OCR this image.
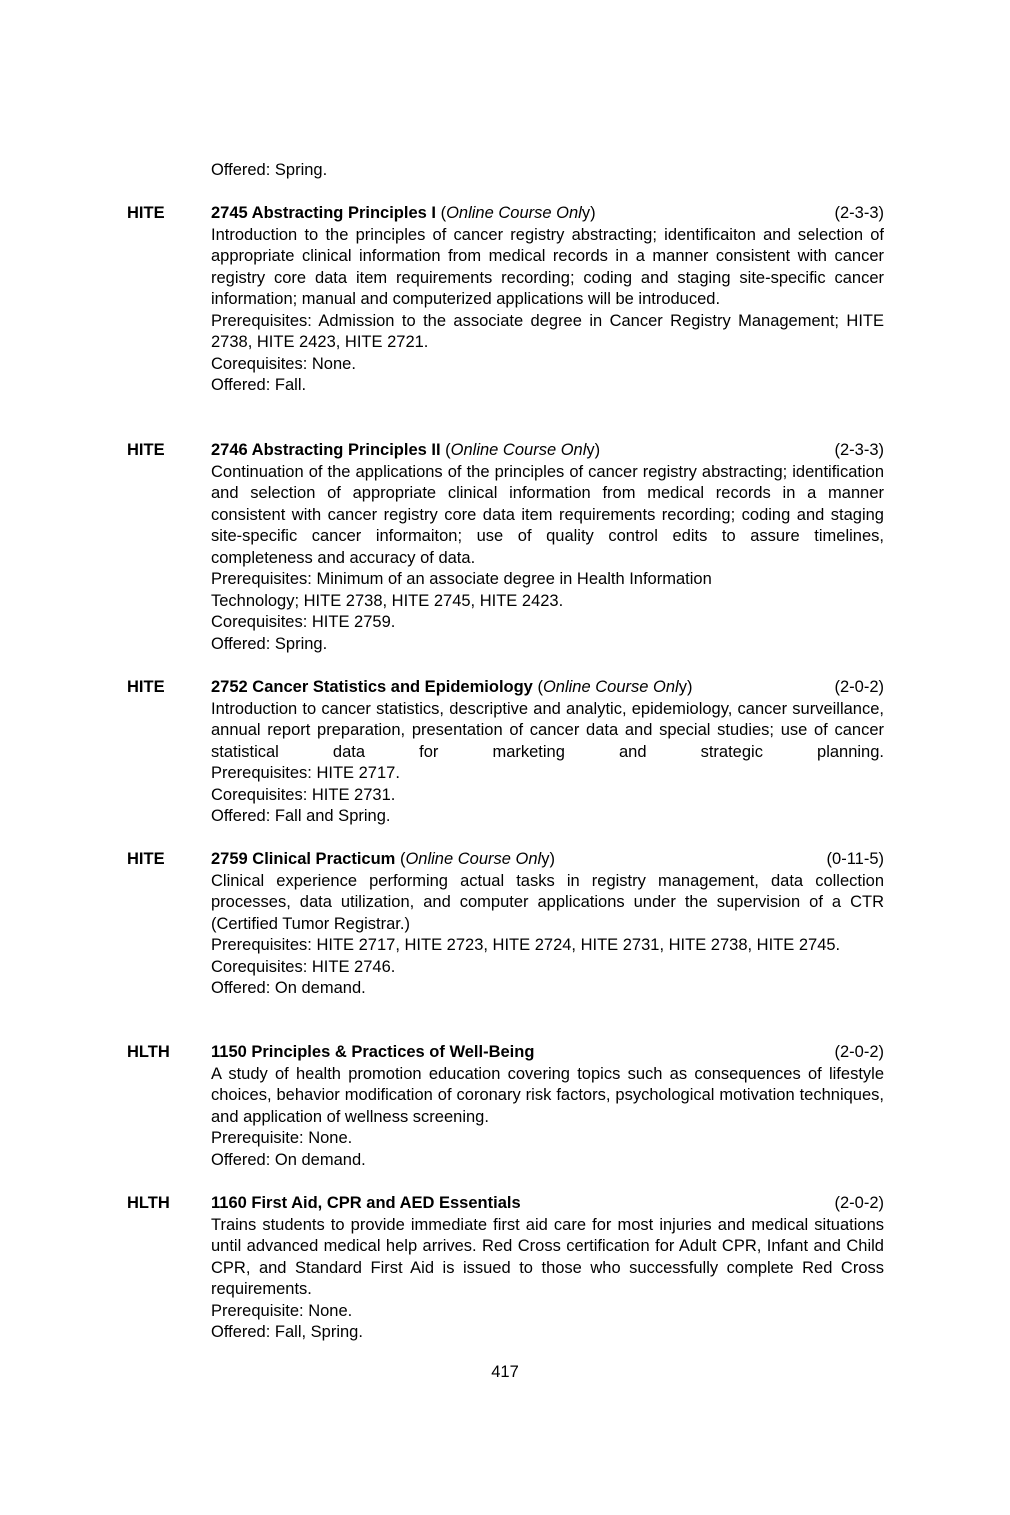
Offered: Spring.
HITE	2745 Abstracting Principles I (Online Course Only)	(2-3-3)
Introduction to the principles of cancer registry abstracting; identificaiton and selection of appropriate clinical information from medical records in a manner consistent with cancer registry core data item requirements recording; coding and staging site-specific cancer information; manual and computerized applications will be introduced.
Prerequisites: Admission to the associate degree in Cancer Registry Management; HITE 2738, HITE 2423, HITE 2721.
Corequisites: None.
Offered: Fall.
HITE	2746 Abstracting Principles II (Online Course Only)	(2-3-3)
Continuation of the applications of the principles of cancer registry abstracting; identification and selection of appropriate clinical information from medical records in a manner consistent with cancer registry core data item requirements recording; coding and staging site-specific cancer informaiton; use of quality control edits to assure timelines, completeness and accuracy of data.
Prerequisites: Minimum of an associate degree in Health Information
Technology; HITE 2738, HITE 2745, HITE 2423.
Corequisites: HITE 2759.
Offered: Spring.
HITE	2752 Cancer Statistics and Epidemiology (Online Course Only)	(2-0-2)
Introduction to cancer statistics, descriptive and analytic, epidemiology, cancer surveillance, annual report preparation, presentation of cancer data and special studies; use of cancer statistical data for marketing and strategic planning.
Prerequisites: HITE 2717.
Corequisites: HITE 2731.
Offered: Fall and Spring.
HITE	2759 Clinical Practicum (Online Course Only)	(0-11-5)
Clinical experience performing actual tasks in registry management, data collection processes, data utilization, and computer applications under the supervision of a CTR (Certified Tumor Registrar.)
Prerequisites: HITE 2717, HITE 2723, HITE 2724, HITE 2731, HITE 2738, HITE 2745.
Corequisites: HITE 2746.
Offered: On demand.
HLTH 1150 Principles & Practices of Well-Being	(2-0-2)
A study of health promotion education covering topics such as consequences of lifestyle choices, behavior modification of coronary risk factors, psychological motivation techniques, and application of wellness screening.
Prerequisite: None.
Offered: On demand.
HLTH 1160 First Aid, CPR and AED Essentials	(2-0-2)
Trains students to provide immediate first aid care for most injuries and medical situations until advanced medical help arrives. Red Cross certification for Adult CPR, Infant and Child CPR, and Standard First Aid is issued to those who successfully complete Red Cross requirements.
Prerequisite: None.
Offered: Fall, Spring.
417
